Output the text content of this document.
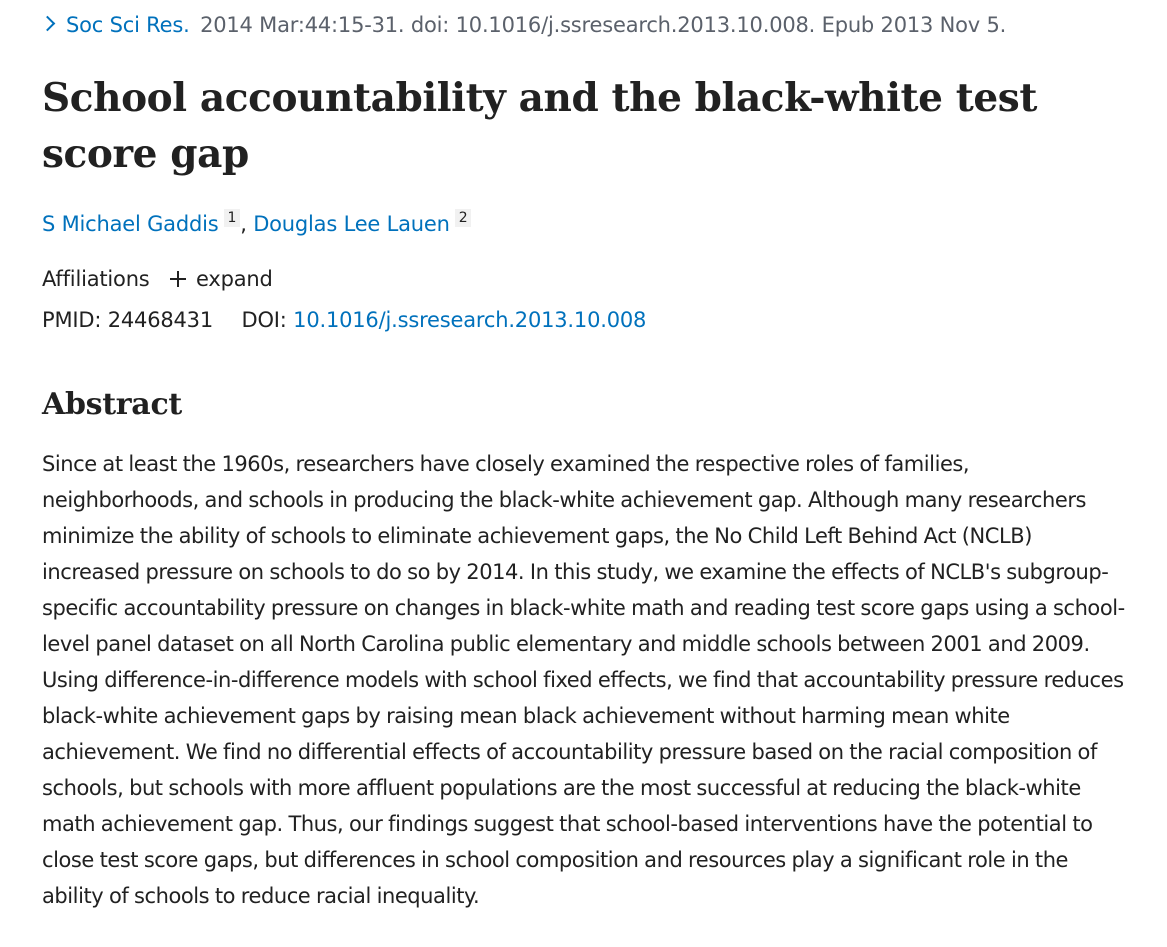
Soc Sci Res. 2014 Mar:44:15-31. doi: 10.1016/j.ssresearch.2013.10.008. Epub 2013 Nov 5.
School accountability and the black-white test score gap
S Michael Gaddis 1 , Douglas Lee Lauen 2
Affiliations expand
PMID: 24468431 DOI: 10.1016/j.ssresearch.2013.10.008
Abstract

Since at least the 1960s, researchers have closely examined the respective roles of families, neighborhoods, and schools in producing the black-white achievement gap. Although many researchers minimize the ability of schools to eliminate achievement gaps, the No Child Left Behind Act (NCLB) increased pressure on schools to do so by 2014. In this study, we examine the effects of NCLB's subgroup-specific accountability pressure on changes in black-white math and reading test score gaps using a school-level panel dataset on all North Carolina public elementary and middle schools between 2001 and 2009. Using difference-in-difference models with school fixed effects, we find that accountability pressure reduces black-white achievement gaps by raising mean black achievement without harming mean white achievement. We find no differential effects of accountability pressure based on the racial composition of schools, but schools with more affluent populations are the most successful at reducing the black-white math achievement gap. Thus, our findings suggest that school-based interventions have the potential to close test score gaps, but differences in school composition and resources play a significant role in the ability of schools to reduce racial inequality.
